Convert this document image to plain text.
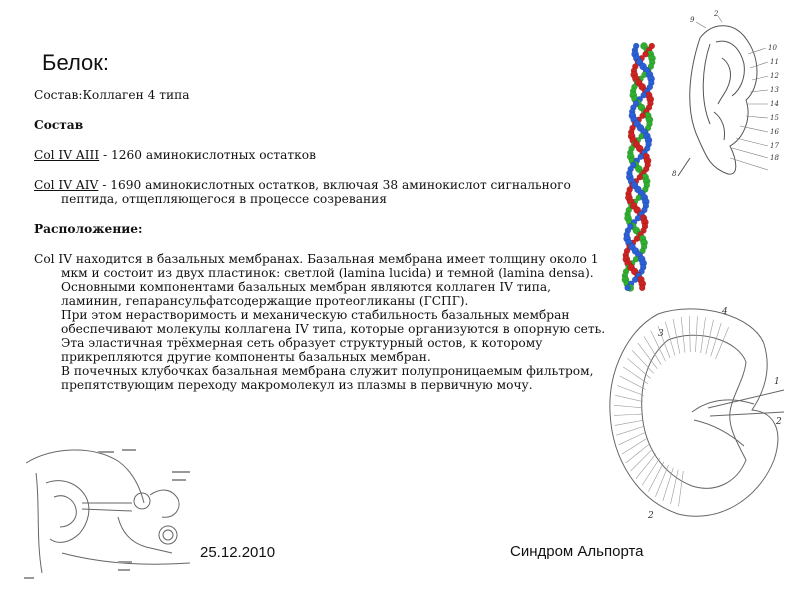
Белок:

Состав:Коллаген 4 типа

Состав

Col IV AIII - 1260 аминокислотных остатков

Col IV AIV - 1690 аминокислотных остатков, включая 38 аминокислот сигнального пептида, отщепляющегося в процессе созревания

Расположение:

Col IV находится в базальных мембранах. Базальная мембрана имеет толщину около 1 мкм и состоит из двух пластинок: светлой (lamina lucida) и темной (lamina densa). Основными компонентами базальных мембран являются коллаген IV типа, ламинин, гепарансульфатсодержащие протеогликаны (ГСПГ).

При этом нерастворимость и механическую стабильность базальных мембран обеспечивают молекулы коллагена IV типа, которые организуются в опорную сеть. Эта эластичная трёхмерная сеть образует структурный остов, к которому прикрепляются другие компоненты базальных мембран.

В почечных клубочках базальная мембрана служит полупроницаемым фильтром, препятствующим переходу макромолекул из плазмы в первичную мочу.

9
2
10
11
12
13
14
15
16
17
18
8
3
4
1
2
2
25.12.2010	Синдром Альпорта
